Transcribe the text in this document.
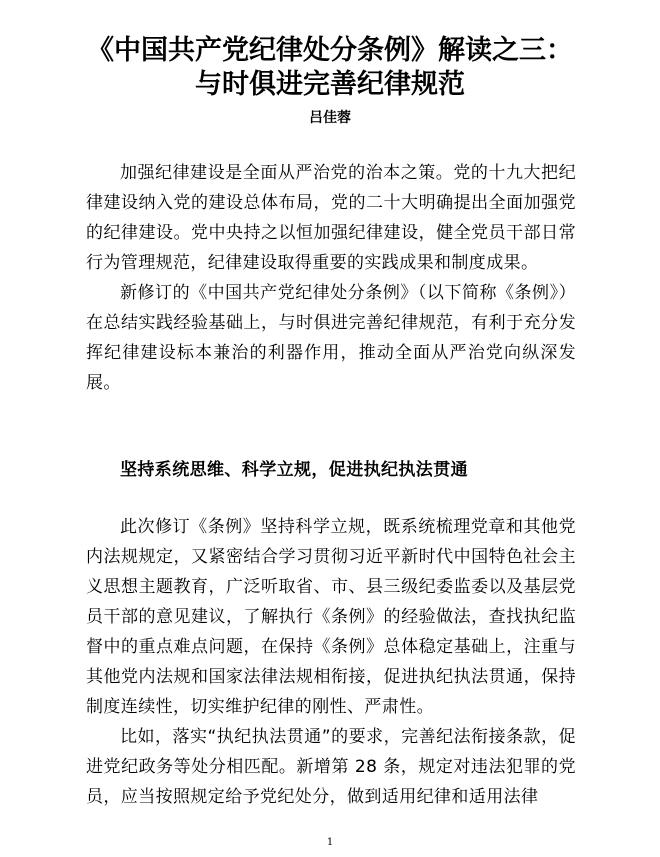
《中国共产党纪律处分条例》解读之三：
与时俱进完善纪律规范
吕佳蓉

加强纪律建设是全面从严治党的治本之策。党的十九大把纪律建设纳入党的建设总体布局，党的二十大明确提出全面加强党的纪律建设。党中央持之以恒加强纪律建设，健全党员干部日常行为管理规范，纪律建设取得重要的实践成果和制度成果。

新修订的《中国共产党纪律处分条例》（以下简称《条例》）在总结实践经验基础上，与时俱进完善纪律规范，有利于充分发挥纪律建设标本兼治的利器作用，推动全面从严治党向纵深发展。

坚持系统思维、科学立规，促进执纪执法贯通

此次修订《条例》坚持科学立规，既系统梳理党章和其他党内法规规定，又紧密结合学习贯彻习近平新时代中国特色社会主义思想主题教育，广泛听取省、市、县三级纪委监委以及基层党员干部的意见建议，了解执行《条例》的经验做法，查找执纪监督中的重点难点问题，在保持《条例》总体稳定基础上，注重与其他党内法规和国家法律法规相衔接，促进执纪执法贯通，保持制度连续性，切实维护纪律的刚性、严肃性。

比如，落实“执纪执法贯通”的要求，完善纪法衔接条款，促进党纪政务等处分相匹配。新增第 28 条，规定对违法犯罪的党员，应当按照规定给予党纪处分，做到适用纪律和适用法律

1
